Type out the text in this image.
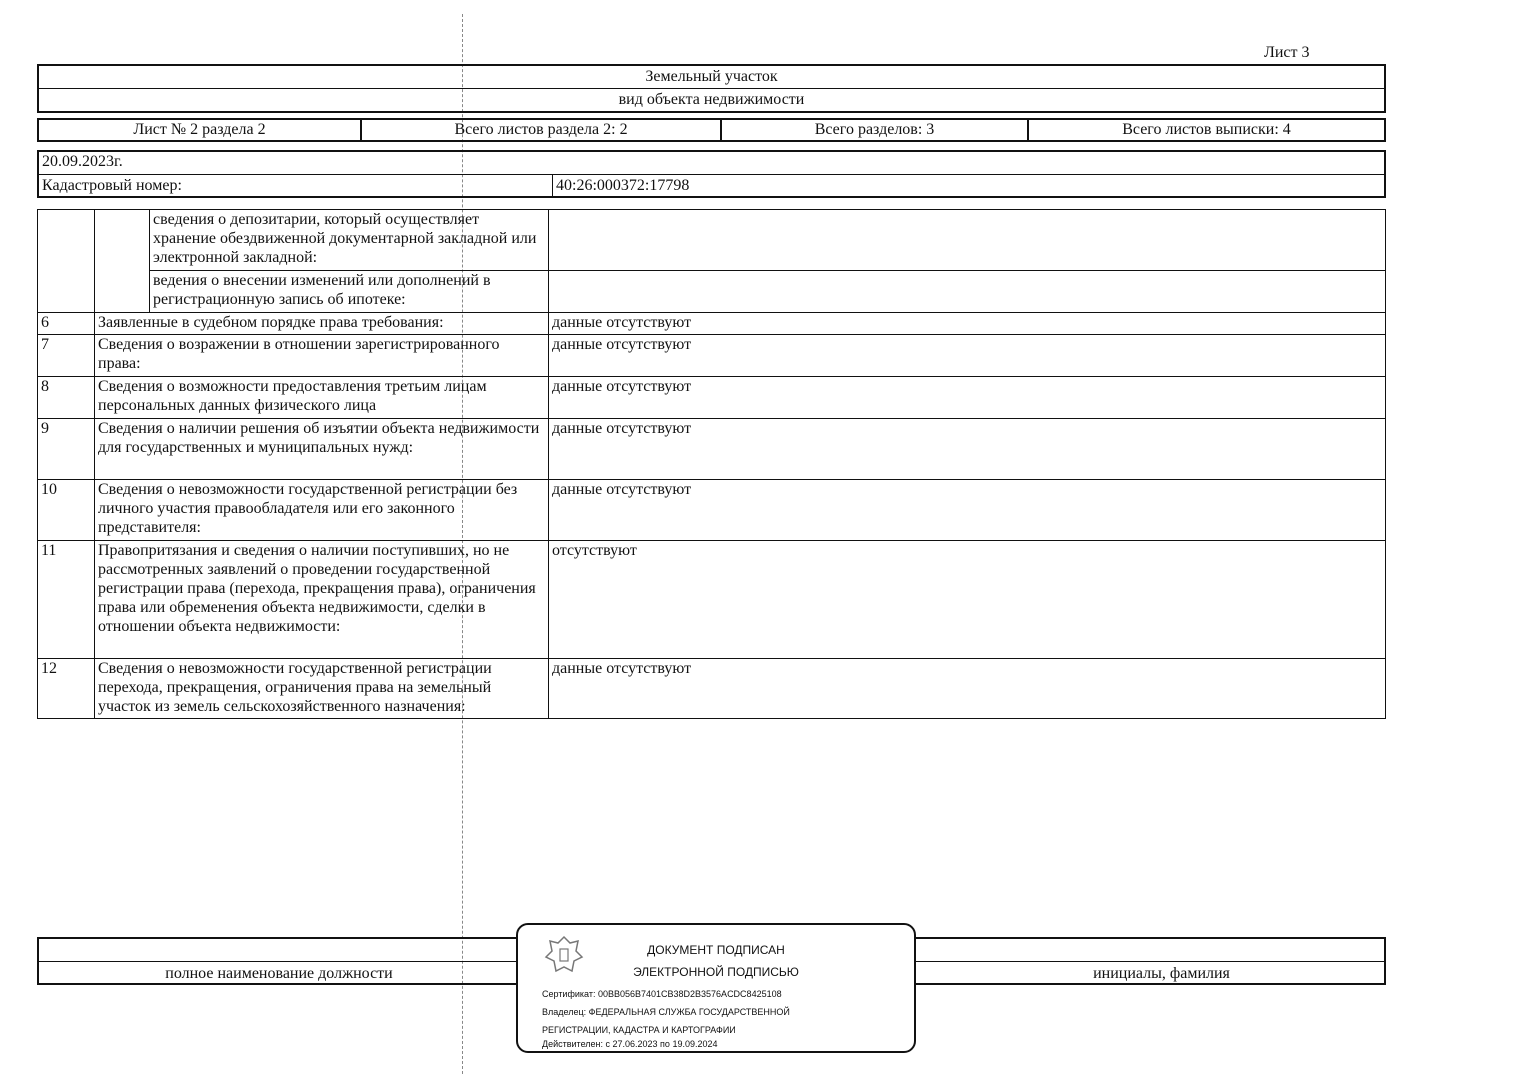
Лист 3
Земельный участок
вид объекта недвижимости
Лист № 2 раздела 2	Всего листов раздела 2: 2	Всего разделов: 3	Всего листов выписки: 4
20.09.2023г.
Кадастровый номер:	40:26:000372:17798
		сведения о депозитарии, который осуществляет хранение обездвиженной документарной закладной или электронной закладной:	
		ведения о внесении изменений или дополнений в регистрационную запись об ипотеке:	
6	Заявленные в судебном порядке права требования:		данные отсутствуют
7	Сведения о возражении в отношении зарегистрированного права:		данные отсутствуют
8	Сведения о возможности предоставления третьим лицам персональных данных физического лица		данные отсутствуют
9	Сведения о наличии решения об изъятии объекта недвижимости для государственных и муниципальных нужд:		данные отсутствуют
10	Сведения о невозможности государственной регистрации без личного участия правообладателя или его законного представителя:		данные отсутствуют
11	Правопритязания и сведения о наличии поступивших, но не рассмотренных заявлений о проведении государственной регистрации права (перехода, прекращения права), ограничения права или обременения объекта недвижимости, сделки в отношении объекта недвижимости:		отсутствуют
12	Сведения о невозможности государственной регистрации перехода, прекращения, ограничения права на земельный участок из земель сельскохозяйственного назначения:		данные отсутствуют
полное наименование должности	инициалы, фамилия
ДОКУМЕНТ ПОДПИСАН
ЭЛЕКТРОННОЙ ПОДПИСЬЮ
Сертификат: 00BB056B7401CB38D2B3576ACDC8425108
Владелец: ФЕДЕРАЛЬНАЯ СЛУЖБА ГОСУДАРСТВЕННОЙ
РЕГИСТРАЦИИ, КАДАСТРА И КАРТОГРАФИИ
Действителен: с 27.06.2023 по 19.09.2024
